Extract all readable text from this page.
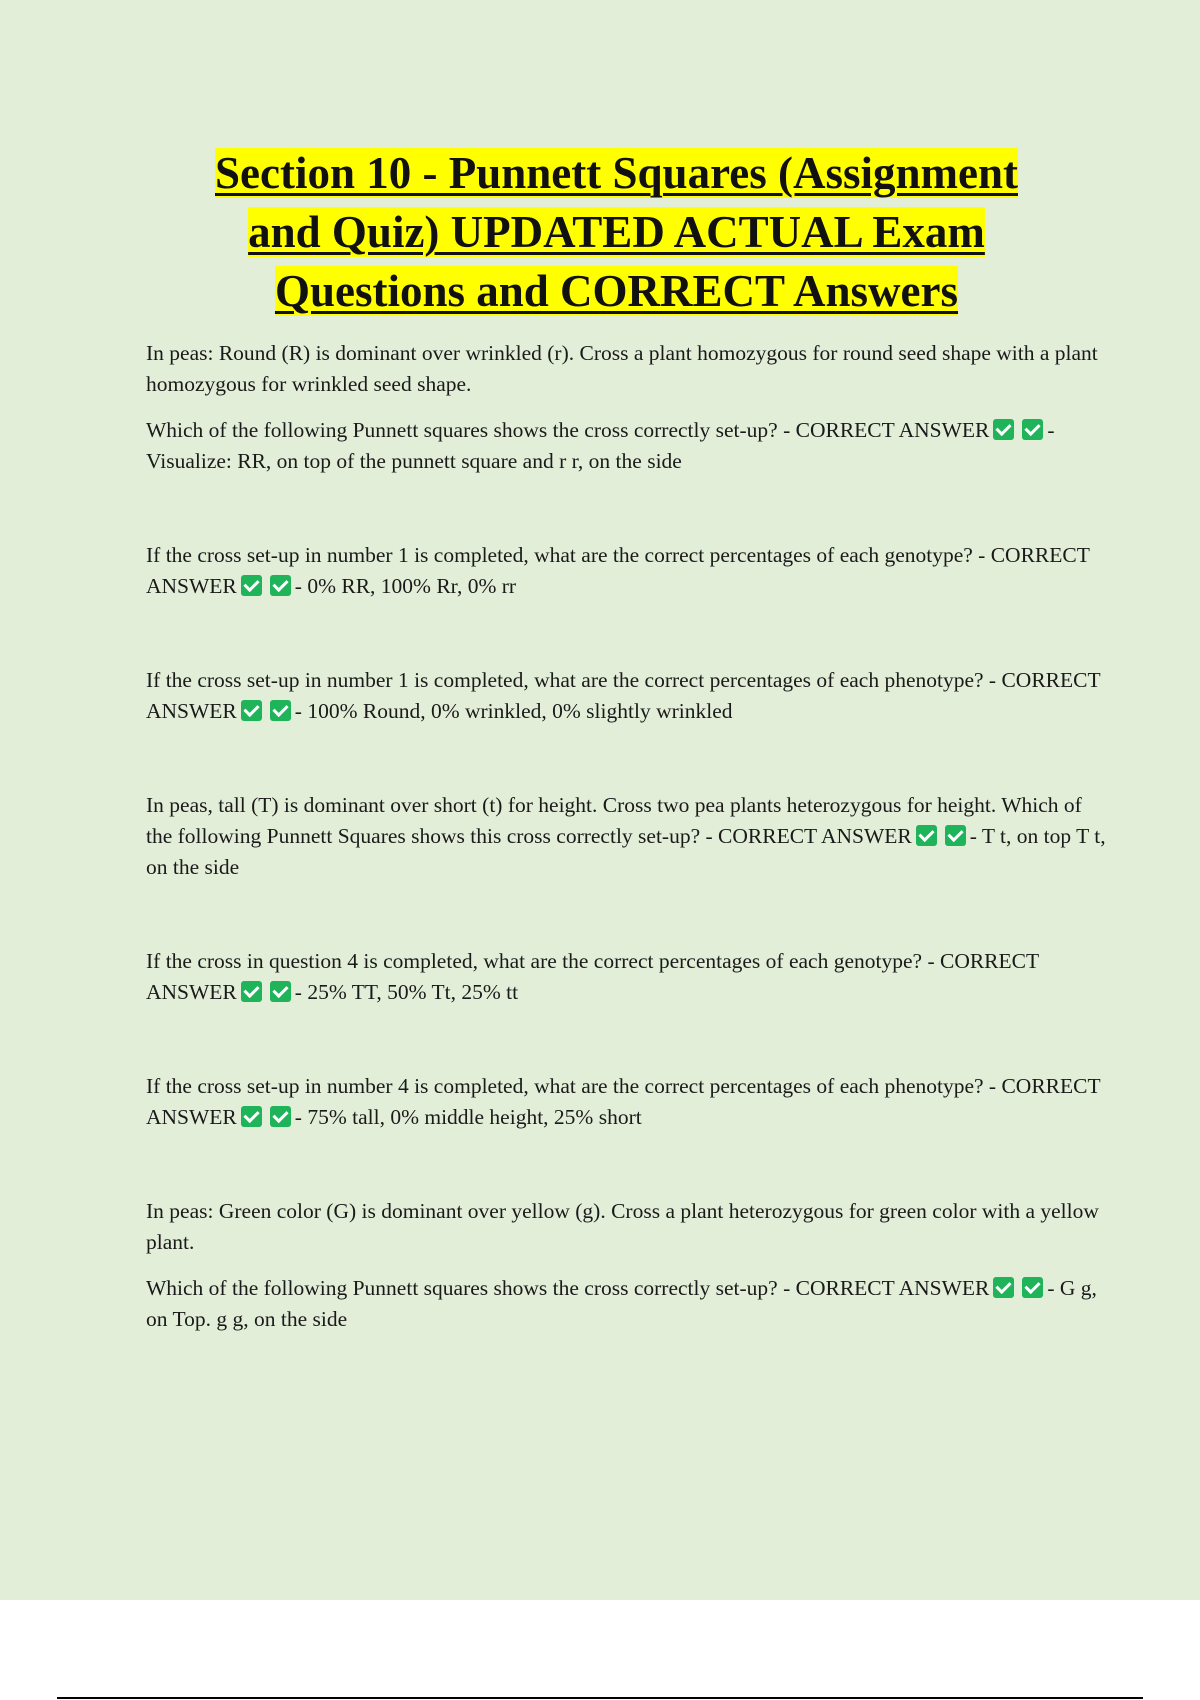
Section 10 - Punnett Squares (Assignment
and Quiz) UPDATED ACTUAL Exam
Questions and CORRECT Answers

In peas: Round (R) is dominant over wrinkled (r). Cross a plant homozygous for round seed shape with a plant homozygous for wrinkled seed shape.

Which of the following Punnett squares shows the cross correctly set-up? - CORRECT ANSWER	- Visualize: RR, on top of the punnett square and r r, on the side

If the cross set-up in number 1 is completed, what are the correct percentages of each genotype? - CORRECT ANSWER	- 0% RR, 100% Rr, 0% rr

If the cross set-up in number 1 is completed, what are the correct percentages of each phenotype? - CORRECT ANSWER	- 100% Round, 0% wrinkled, 0% slightly wrinkled

In peas, tall (T) is dominant over short (t) for height. Cross two pea plants heterozygous for height. Which of the following Punnett Squares shows this cross correctly set-up? - CORRECT ANSWER	- T t, on top T t, on the side

If the cross in question 4 is completed, what are the correct percentages of each genotype? - CORRECT ANSWER	- 25% TT, 50% Tt, 25% tt

If the cross set-up in number 4 is completed, what are the correct percentages of each phenotype? - CORRECT ANSWER	- 75% tall, 0% middle height, 25% short

In peas: Green color (G) is dominant over yellow (g). Cross a plant heterozygous for green color with a yellow plant.

Which of the following Punnett squares shows the cross correctly set-up? - CORRECT ANSWER	- G g, on Top. g g, on the side
